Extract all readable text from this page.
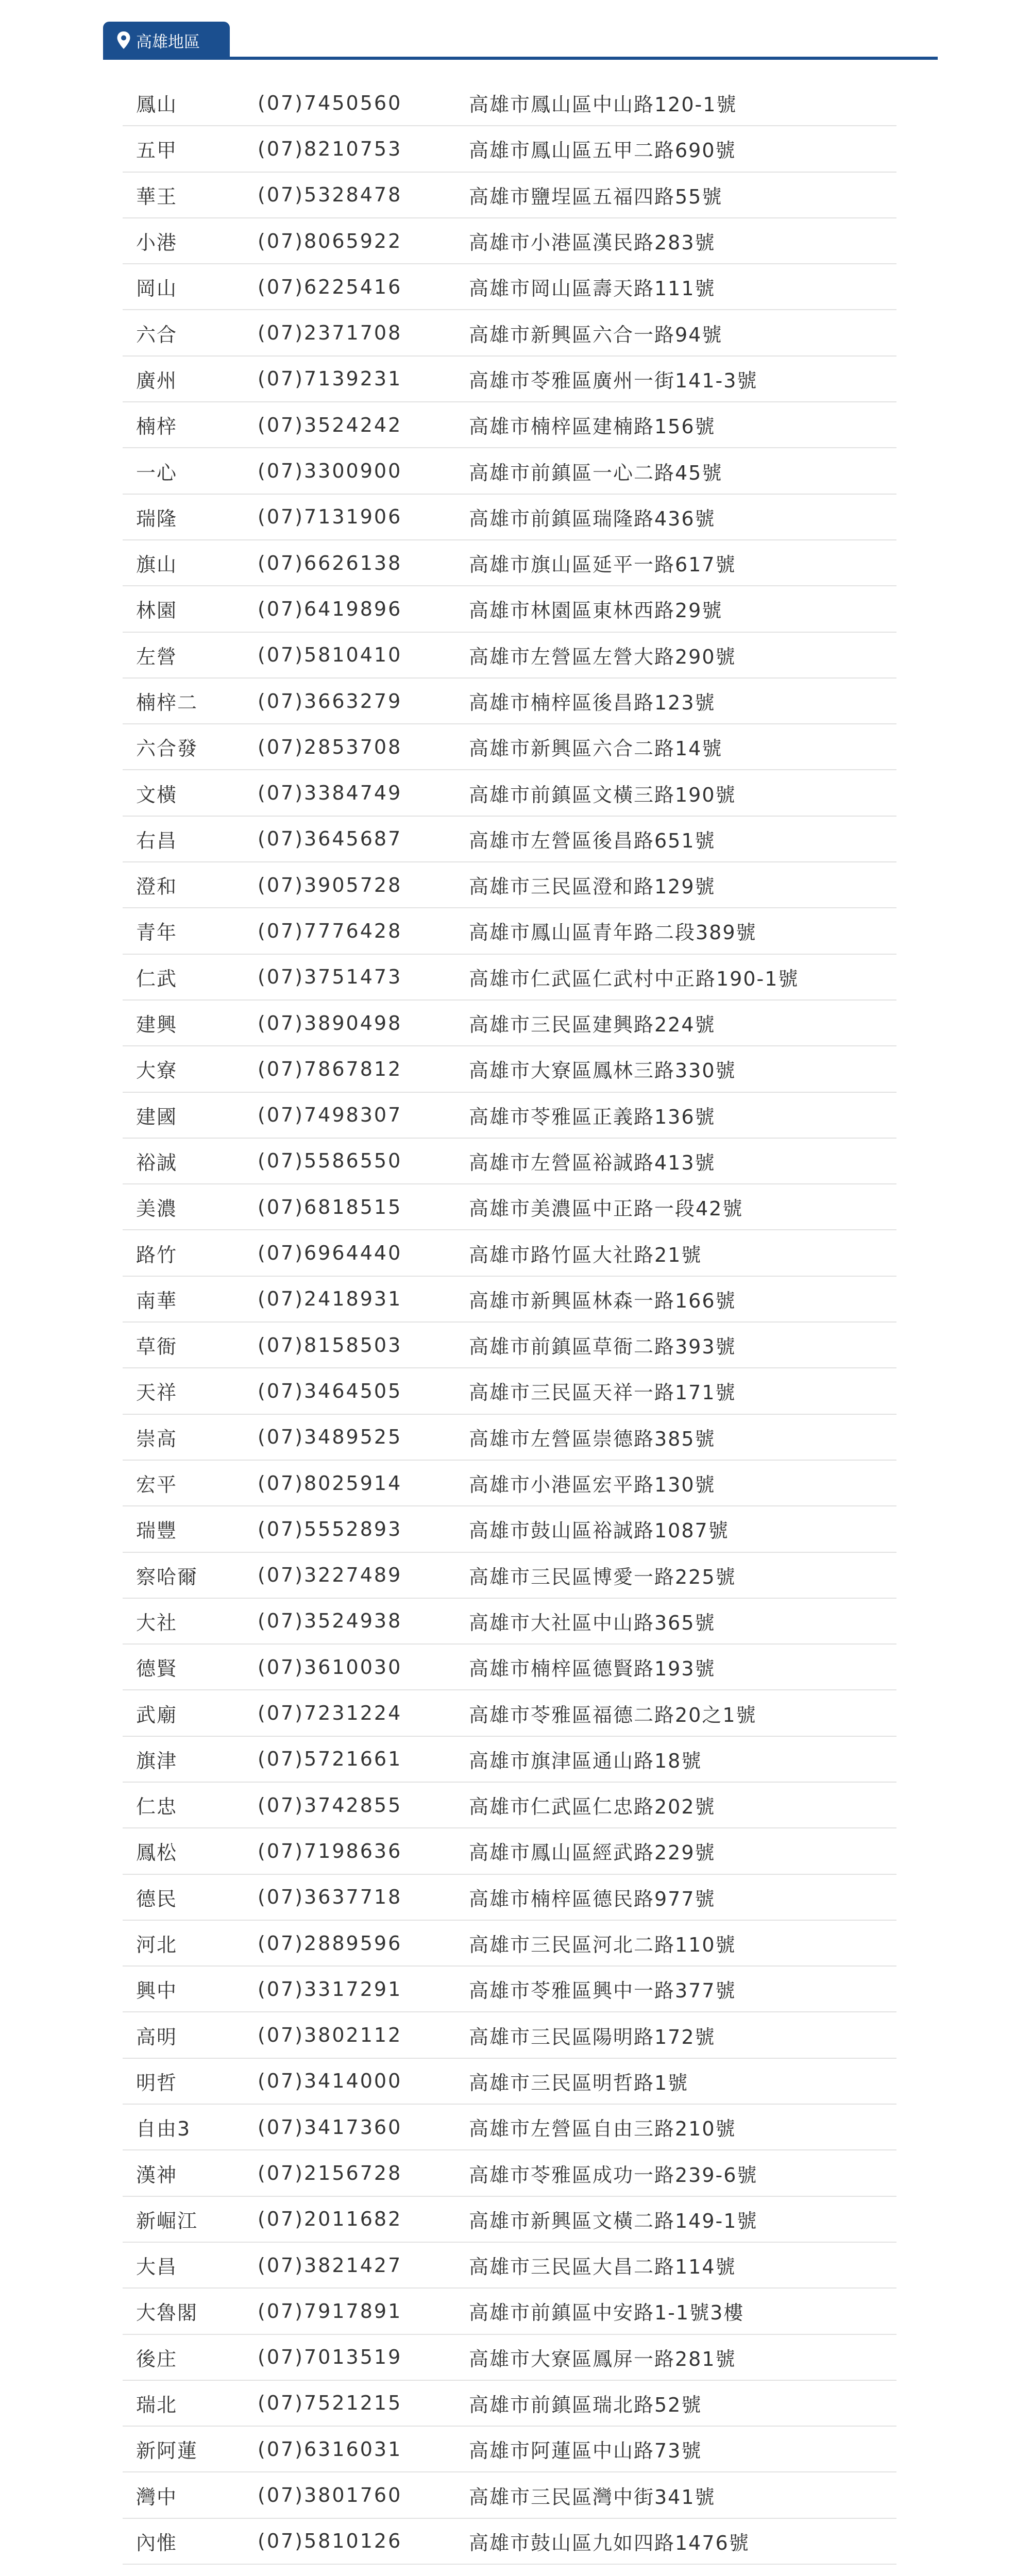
高雄地區
鳳山	(07)7450560	高雄市鳳山區中山路120-1號
五甲	(07)8210753	高雄市鳳山區五甲二路690號
華王	(07)5328478	高雄市鹽埕區五福四路55號
小港	(07)8065922	高雄市小港區漢民路283號
岡山	(07)6225416	高雄市岡山區壽天路111號
六合	(07)2371708	高雄市新興區六合一路94號
廣州	(07)7139231	高雄市苓雅區廣州一街141-3號
楠梓	(07)3524242	高雄市楠梓區建楠路156號
一心	(07)3300900	高雄市前鎮區一心二路45號
瑞隆	(07)7131906	高雄市前鎮區瑞隆路436號
旗山	(07)6626138	高雄市旗山區延平一路617號
林園	(07)6419896	高雄市林園區東林西路29號
左營	(07)5810410	高雄市左營區左營大路290號
楠梓二	(07)3663279	高雄市楠梓區後昌路123號
六合發	(07)2853708	高雄市新興區六合二路14號
文橫	(07)3384749	高雄市前鎮區文橫三路190號
右昌	(07)3645687	高雄市左營區後昌路651號
澄和	(07)3905728	高雄市三民區澄和路129號
青年	(07)7776428	高雄市鳳山區青年路二段389號
仁武	(07)3751473	高雄市仁武區仁武村中正路190-1號
建興	(07)3890498	高雄市三民區建興路224號
大寮	(07)7867812	高雄市大寮區鳳林三路330號
建國	(07)7498307	高雄市苓雅區正義路136號
裕誠	(07)5586550	高雄市左營區裕誠路413號
美濃	(07)6818515	高雄市美濃區中正路一段42號
路竹	(07)6964440	高雄市路竹區大社路21號
南華	(07)2418931	高雄市新興區林森一路166號
草衙	(07)8158503	高雄市前鎮區草衙二路393號
天祥	(07)3464505	高雄市三民區天祥一路171號
崇高	(07)3489525	高雄市左營區崇德路385號
宏平	(07)8025914	高雄市小港區宏平路130號
瑞豐	(07)5552893	高雄市鼓山區裕誠路1087號
察哈爾	(07)3227489	高雄市三民區博愛一路225號
大社	(07)3524938	高雄市大社區中山路365號
德賢	(07)3610030	高雄市楠梓區德賢路193號
武廟	(07)7231224	高雄市苓雅區福德二路20之1號
旗津	(07)5721661	高雄市旗津區通山路18號
仁忠	(07)3742855	高雄市仁武區仁忠路202號
鳳松	(07)7198636	高雄市鳳山區經武路229號
德民	(07)3637718	高雄市楠梓區德民路977號
河北	(07)2889596	高雄市三民區河北二路110號
興中	(07)3317291	高雄市苓雅區興中一路377號
高明	(07)3802112	高雄市三民區陽明路172號
明哲	(07)3414000	高雄市三民區明哲路1號
自由3	(07)3417360	高雄市左營區自由三路210號
漢神	(07)2156728	高雄市苓雅區成功一路239-6號
新崛江	(07)2011682	高雄市新興區文橫二路149-1號
大昌	(07)3821427	高雄市三民區大昌二路114號
大魯閣	(07)7917891	高雄市前鎮區中安路1-1號3樓
後庄	(07)7013519	高雄市大寮區鳳屏一路281號
瑞北	(07)7521215	高雄市前鎮區瑞北路52號
新阿蓮	(07)6316031	高雄市阿蓮區中山路73號
灣中	(07)3801760	高雄市三民區灣中街341號
內惟	(07)5810126	高雄市鼓山區九如四路1476號
